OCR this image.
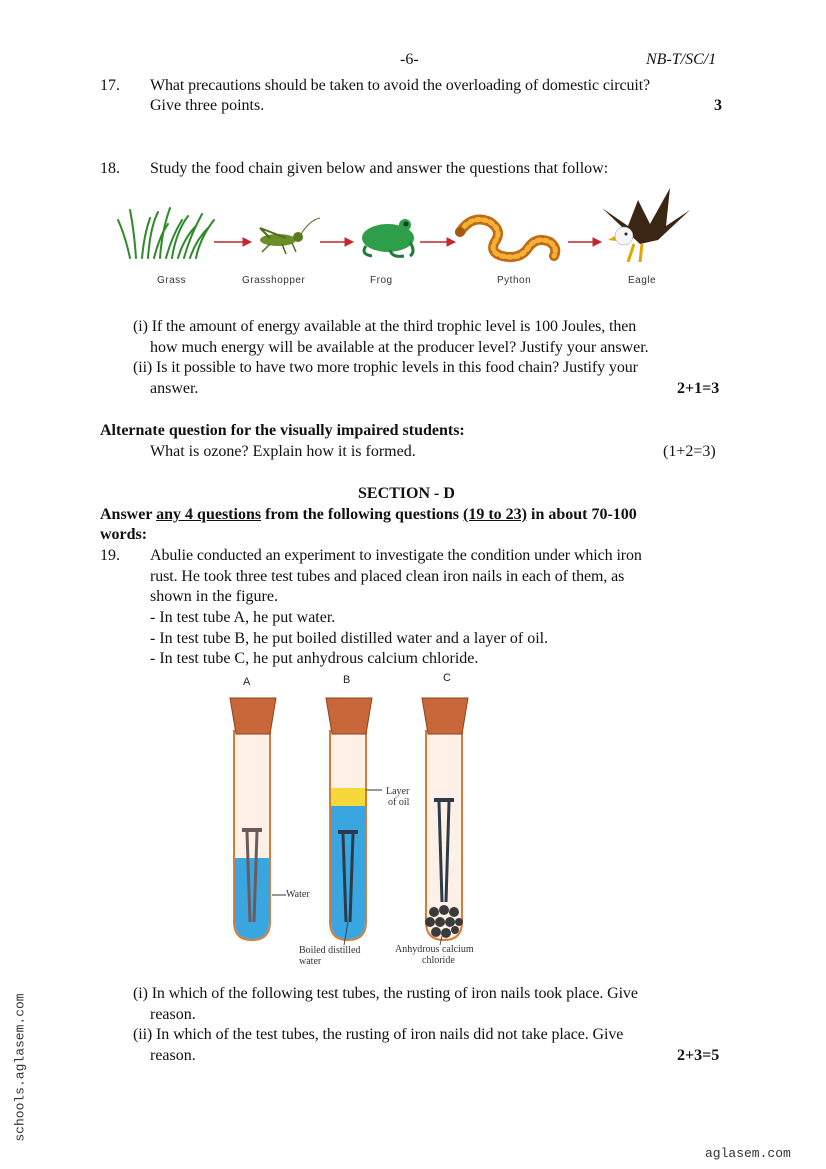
-6-	NB-T/SC/1
17. What precautions should be taken to avoid the overloading of domestic circuit?
Give three points.	3
18. Study the food chain given below and answer the questions that follow:
Grass	Grasshopper	Frog	Python	Eagle
(i) If the amount of energy available at the third trophic level is 100 Joules, then
how much energy will be available at the producer level? Justify your answer.
(ii) Is it possible to have two more trophic levels in this food chain? Justify your
answer.	2+1=3
Alternate question for the visually impaired students:
What is ozone? Explain how it is formed.	(1+2=3)
SECTION - D
Answer any 4 questions from the following questions (19 to 23) in about 70-100
words:
19. Abulie conducted an experiment to investigate the condition under which iron
rust. He took three test tubes and placed clean iron nails in each of them, as
shown in the figure.
- In test tube A, he put water.
- In test tube B, he put boiled distilled water and a layer of oil.
- In test tube C, he put anhydrous calcium chloride.
A	B	C
Water
Layer
of oil
Boiled distilled
water
Anhydrous calcium
chloride
(i) In which of the following test tubes, the rusting of iron nails took place. Give
reason.
(ii) In which of the test tubes, the rusting of iron nails did not take place. Give
reason.	2+3=5
schools.aglasem.com
aglasem.com
